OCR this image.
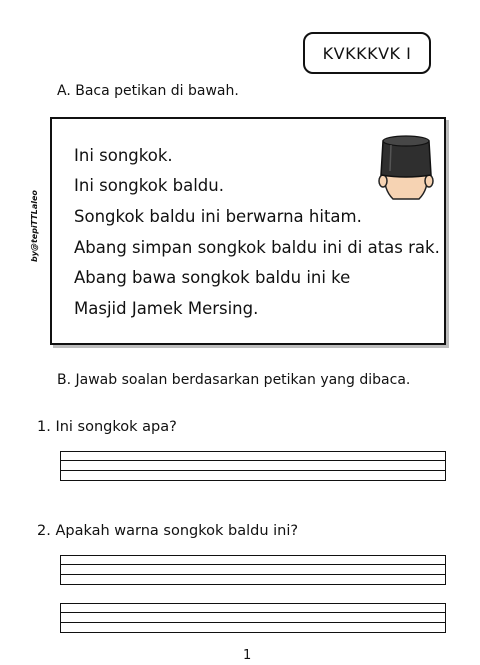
KVKKKVK I
A. Baca petikan di bawah.
Ini songkok.
Ini songkok baldu.
Songkok baldu ini berwarna hitam.
Abang simpan songkok baldu ini di atas rak.
Abang bawa songkok baldu ini ke
Masjid Jamek Mersing.
by@tepiTTLaleo
B. Jawab soalan berdasarkan petikan yang dibaca.
1. Ini songkok apa?
2. Apakah warna songkok baldu ini?
1
